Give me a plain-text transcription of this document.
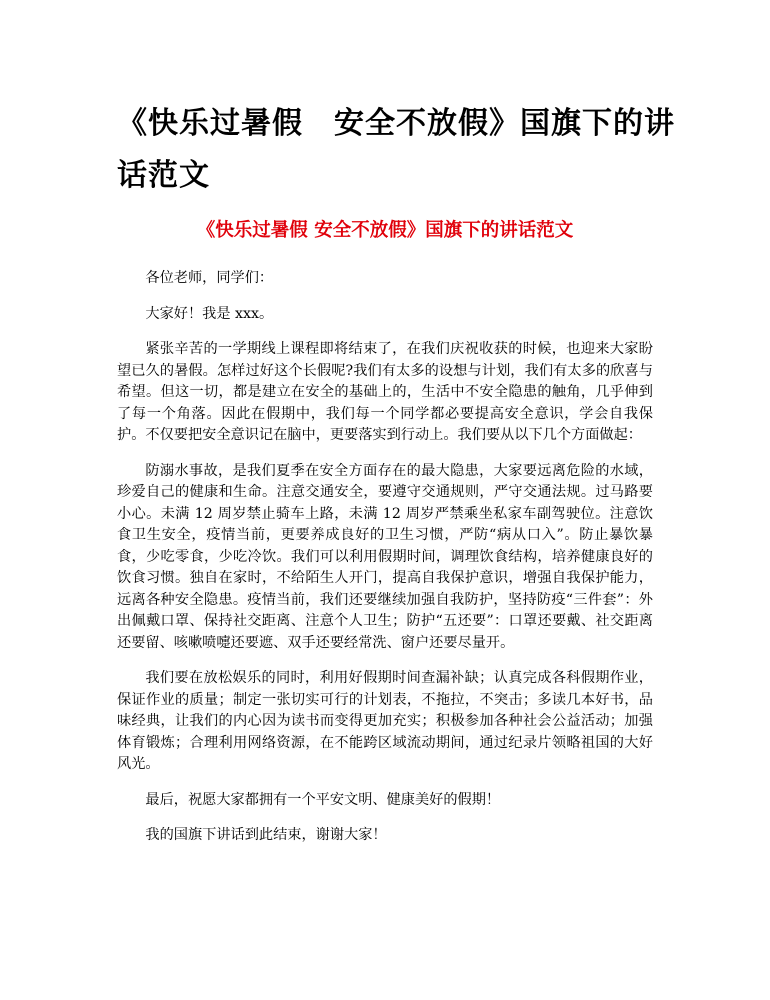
《快乐过暑假　安全不放假》国旗下的讲话范文
《快乐过暑假 安全不放假》国旗下的讲话范文

各位老师，同学们：

大家好！我是 xxx。

紧张辛苦的一学期线上课程即将结束了，在我们庆祝收获的时候，也迎来大家盼望已久的暑假。怎样过好这个长假呢?我们有太多的设想与计划，我们有太多的欣喜与希望。但这一切，都是建立在安全的基础上的，生活中不安全隐患的触角，几乎伸到了每一个角落。因此在假期中，我们每一个同学都必要提高安全意识，学会自我保护。不仅要把安全意识记在脑中，更要落实到行动上。我们要从以下几个方面做起：

防溺水事故，是我们夏季在安全方面存在的最大隐患，大家要远离危险的水域，珍爱自己的健康和生命。注意交通安全，要遵守交通规则，严守交通法规。过马路要小心。未满 12 周岁禁止骑车上路，未满 12 周岁严禁乘坐私家车副驾驶位。注意饮食卫生安全，疫情当前，更要养成良好的卫生习惯，严防“病从口入”。防止暴饮暴食，少吃零食，少吃冷饮。我们可以利用假期时间，调理饮食结构，培养健康良好的饮食习惯。独自在家时，不给陌生人开门，提高自我保护意识，增强自我保护能力，远离各种安全隐患。疫情当前，我们还要继续加强自我防护，坚持防疫“三件套”：外出佩戴口罩、保持社交距离、注意个人卫生；防护“五还要”：口罩还要戴、社交距离还要留、咳嗽喷嚏还要遮、双手还要经常洗、窗户还要尽量开。

我们要在放松娱乐的同时，利用好假期时间查漏补缺；认真完成各科假期作业，保证作业的质量；制定一张切实可行的计划表，不拖拉，不突击；多读几本好书，品味经典，让我们的内心因为读书而变得更加充实；积极参加各种社会公益活动；加强体育锻炼；合理利用网络资源，在不能跨区域流动期间，通过纪录片领略祖国的大好风光。

最后，祝愿大家都拥有一个平安文明、健康美好的假期！

我的国旗下讲话到此结束，谢谢大家！
